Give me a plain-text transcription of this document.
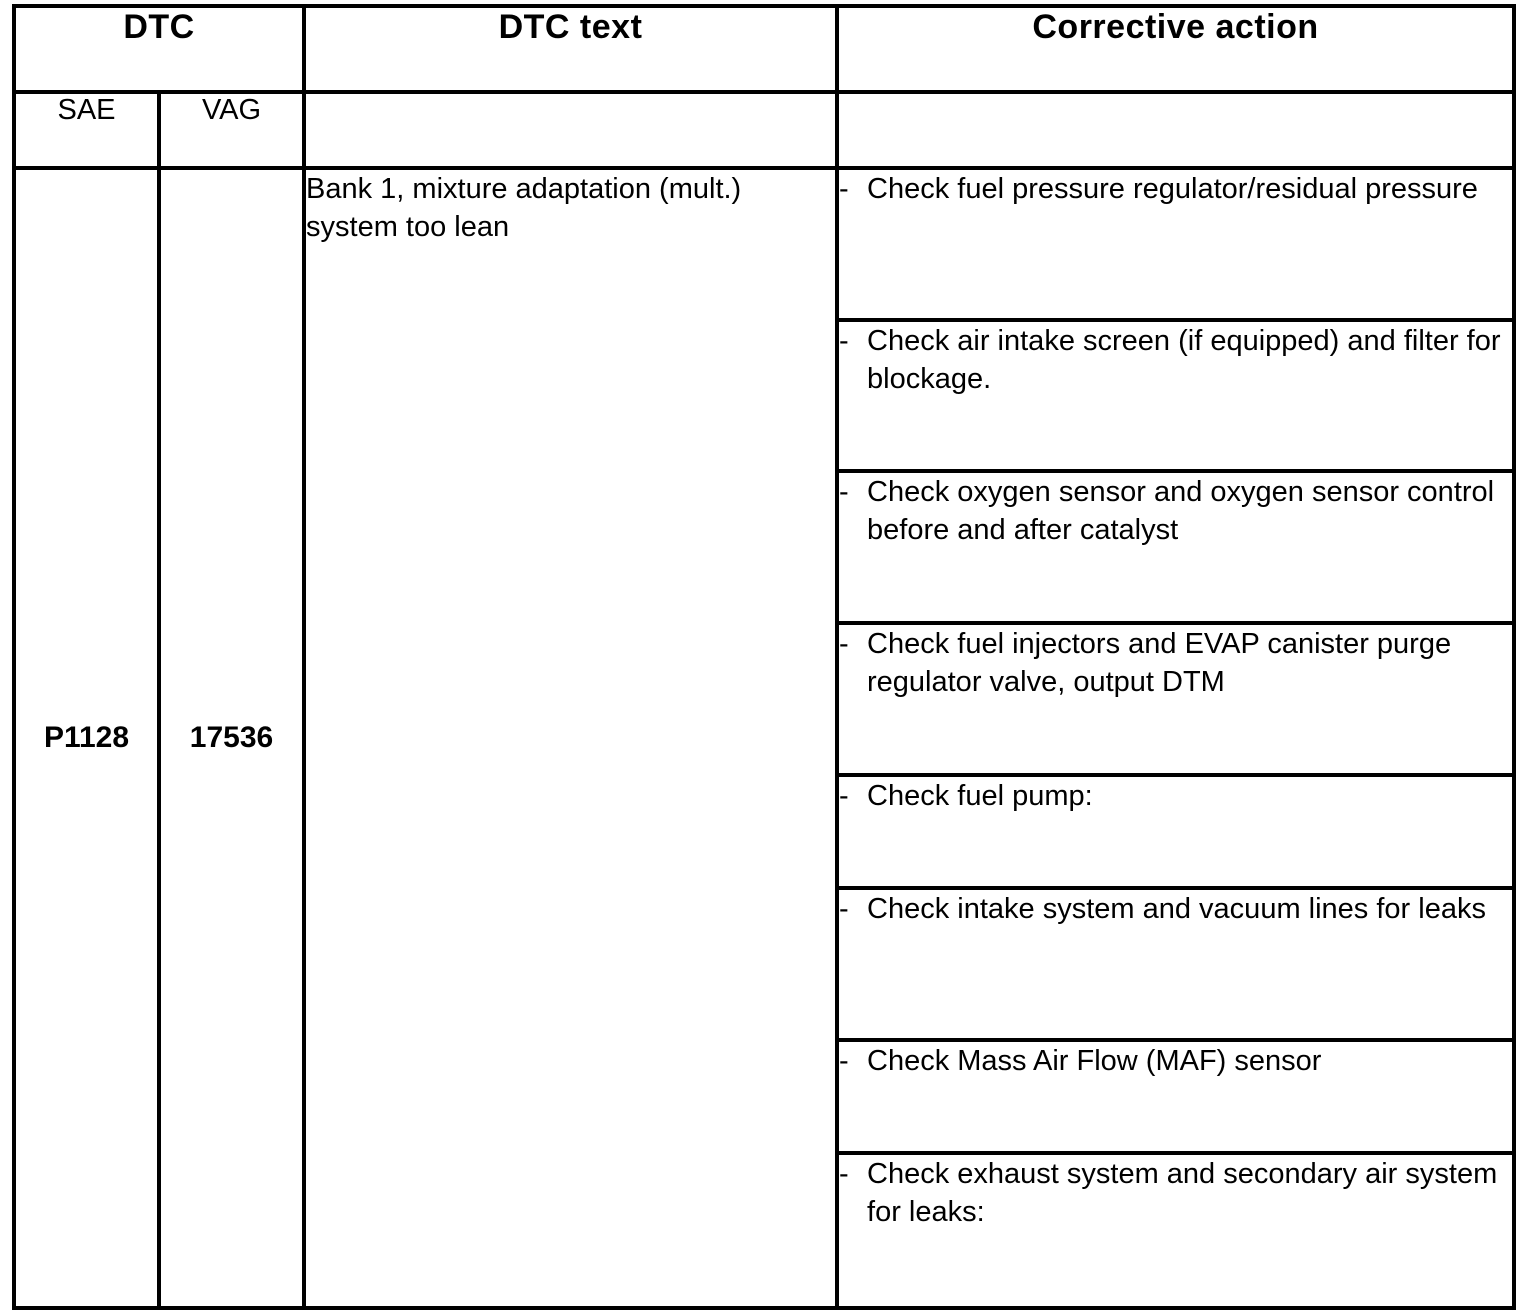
DTC		DTC text	Corrective action
SAE	VAG		
P1128	17536	Bank 1, mixture adaptation (mult.) system too lean	- Check fuel pressure regulator/residual pressure

			- Check air intake screen (if equipped) and filter for blockage.

			- Check oxygen sensor and oxygen sensor control before and after catalyst

			- Check fuel injectors and EVAP canister purge regulator valve, output DTM

			- Check fuel pump:

			- Check intake system and vacuum lines for leaks

			- Check Mass Air Flow (MAF) sensor

			- Check exhaust system and secondary air system for leaks:
